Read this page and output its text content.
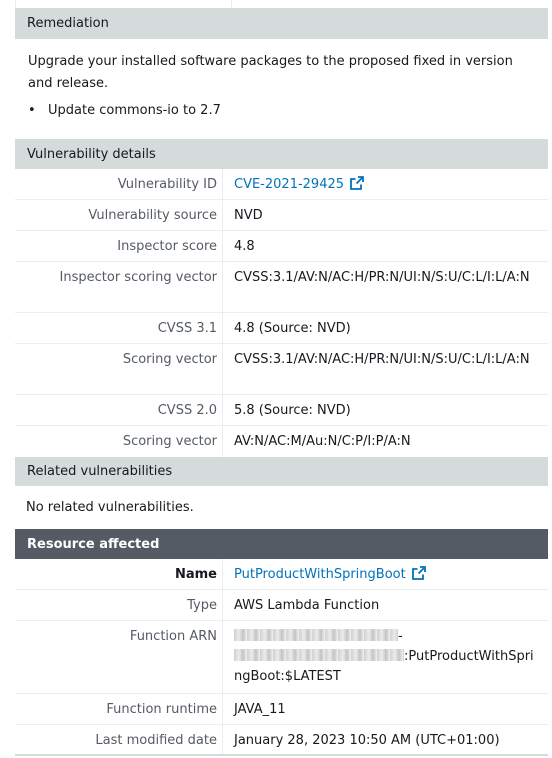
Remediation
Upgrade your installed software packages to the proposed fixed in version and release.
• Update commons-io to 2.7
Vulnerability details
Vulnerability ID	CVE-2021-29425
Vulnerability source	NVD
Inspector score	4.8
Inspector scoring vector	CVSS:3.1/AV:N/AC:H/PR:N/UI:N/S:U/C:L/I:L/A:N
CVSS 3.1	4.8 (Source: NVD)
Scoring vector	CVSS:3.1/AV:N/AC:H/PR:N/UI:N/S:U/C:L/I:L/A:N
CVSS 2.0	5.8 (Source: NVD)
Scoring vector	AV:N/AC:M/Au:N/C:P/I:P/A:N
Related vulnerabilities
No related vulnerabilities.
Resource affected
Name	PutProductWithSpringBoot
Type	AWS Lambda Function
Function ARN	-
:PutProductWithSpri
ngBoot:$LATEST
Function runtime	JAVA_11
Last modified date	January 28, 2023 10:50 AM (UTC+01:00)
